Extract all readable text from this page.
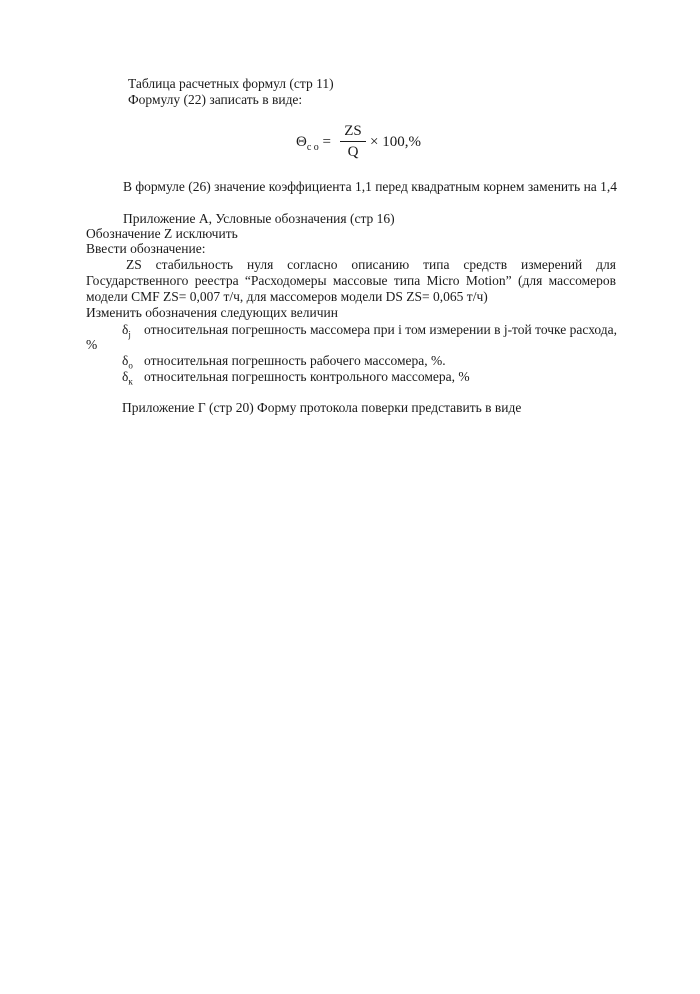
Таблица расчетных формул (стр 11)
Формулу (22) записать в виде:
$\Theta_{c o}$ =
ZS
Q
× 100,%
В формуле (26) значение коэффициента 1,1 перед квадратным корнем заменить на 1,4
Приложение А, Условные обозначения (стр 16)
Обозначение Z исключить
Ввести обозначение:
ZS стабильность нуля согласно описанию типа средств измерений для Государственного реестра “Расходомеры массовые типа Micro Motion” (для массомеров модели CMF ZS= 0,007 т/ч, для массомеров модели DS ZS= 0,065 т/ч)
Изменить обозначения следующих величин
$\delta_j$ относительная погрешность массомера при i том измерении в j-той точке расхода,
%
$\delta_o$ относительная погрешность рабочего массомера, %.
$\delta_к$ относительная погрешность контрольного массомера, %
Приложение Г (стр 20) Форму протокола поверки представить в виде
